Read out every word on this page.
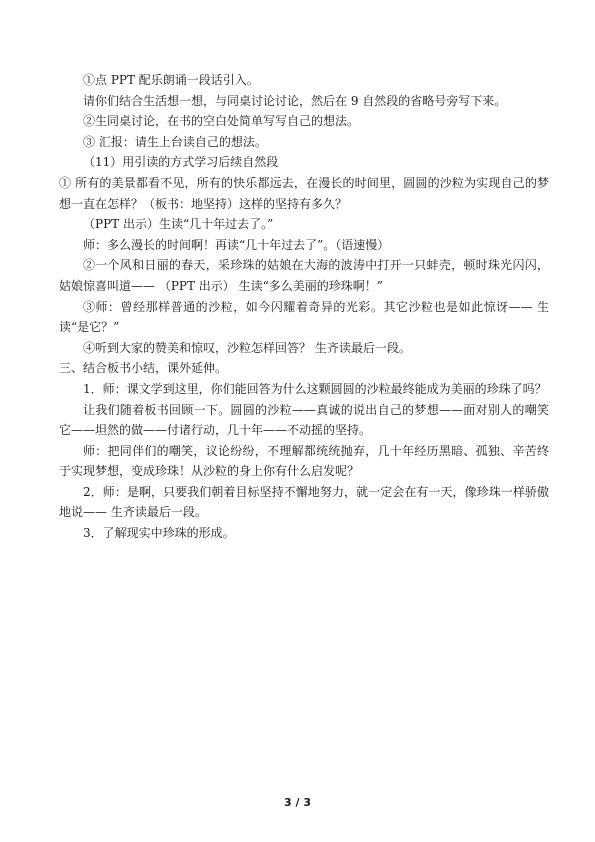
①点 PPT 配乐朗诵一段话引入。

请你们结合生活想一想，与同桌讨论讨论，然后在 9 自然段的省略号旁写下来。

②生同桌讨论，在书的空白处简单写写自己的想法。

③ 汇报：请生上台读自己的想法。

（11）用引读的方式学习后续自然段

① 所有的美景都看不见，所有的快乐都远去，在漫长的时间里，圆圆的沙粒为实现自己的梦想一直在怎样？（板书：地坚持）这样的坚持有多久？

（PPT 出示）生读“几十年过去了。”

师：多么漫长的时间啊！再读“几十年过去了”。（语速慢）

②一个风和日丽的春天，采珍珠的姑娘在大海的波涛中打开一只蚌壳，顿时珠光闪闪，姑娘惊喜叫道—— （PPT 出示） 生读“多么美丽的珍珠啊！”

③师：曾经那样普通的沙粒，如今闪耀着奇异的光彩。其它沙粒也是如此惊讶—— 生读“是它？”

④听到大家的赞美和惊叹，沙粒怎样回答？ 生齐读最后一段。

三、结合板书小结，课外延伸。

1．师：课文学到这里，你们能回答为什么这颗圆圆的沙粒最终能成为美丽的珍珠了吗？

让我们随着板书回顾一下。圆圆的沙粒——真诚的说出自己的梦想——面对别人的嘲笑它——坦然的做——付诸行动，几十年——不动摇的坚持。

师：把同伴们的嘲笑，议论纷纷，不理解都统统抛弃，几十年经历黑暗、孤独、辛苦终于实现梦想，变成珍珠！从沙粒的身上你有什么启发呢？

2．师：是啊，只要我们朝着目标坚持不懈地努力，就一定会在有一天，像珍珠一样骄傲地说—— 生齐读最后一段。

3．了解现实中珍珠的形成。

3 / 3
